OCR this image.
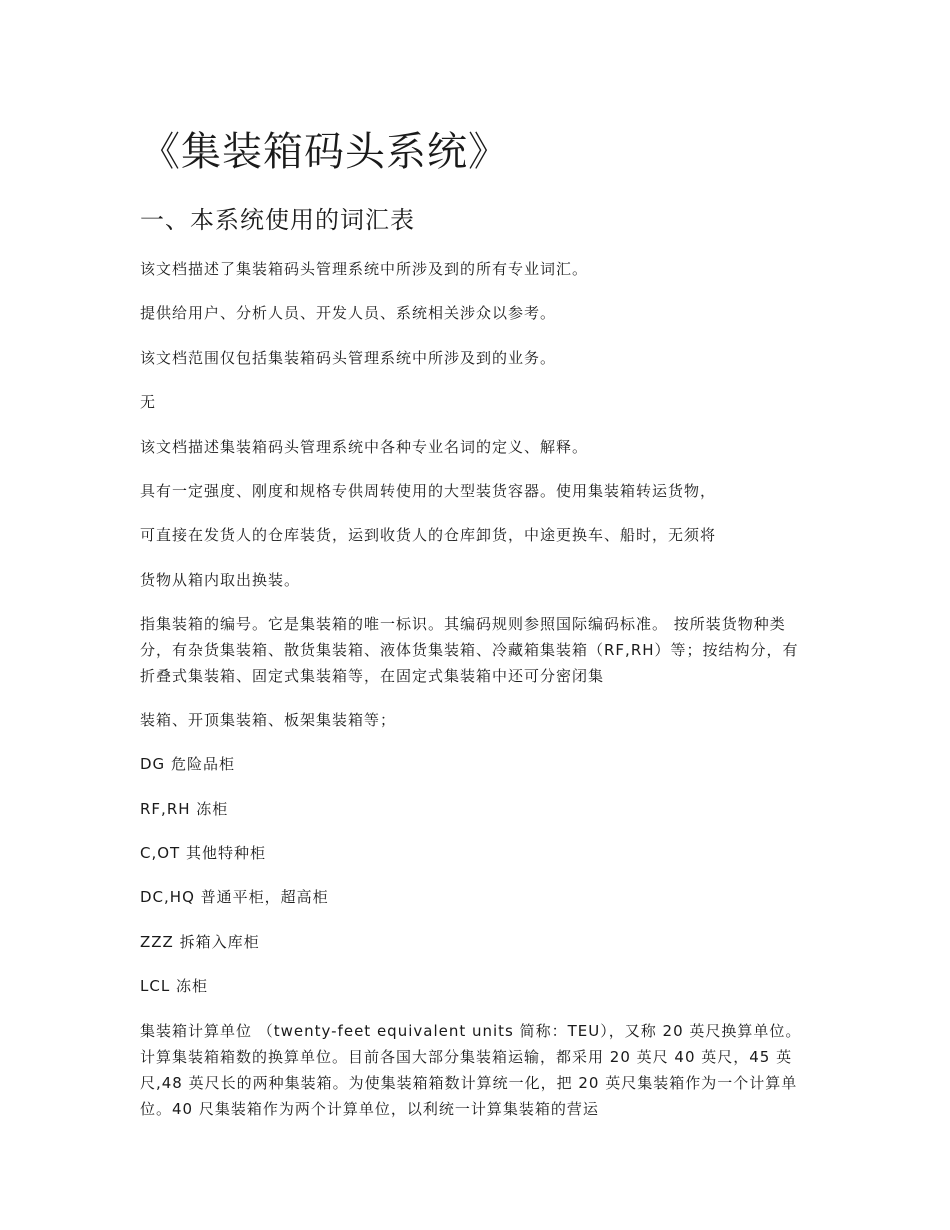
《集装箱码头系统》
一、本系统使用的词汇表

该文档描述了集装箱码头管理系统中所涉及到的所有专业词汇。

提供给用户、分析人员、开发人员、系统相关涉众以参考。

该文档范围仅包括集装箱码头管理系统中所涉及到的业务。

无

该文档描述集装箱码头管理系统中各种专业名词的定义、解释。

具有一定强度、刚度和规格专供周转使用的大型装货容器。使用集装箱转运货物，

可直接在发货人的仓库装货，运到收货人的仓库卸货，中途更换车、船时，无须将

货物从箱内取出换装。

指集装箱的编号。它是集装箱的唯一标识。其编码规则参照国际编码标准。 按所装货物种类分，有杂货集装箱、散货集装箱、液体货集装箱、冷藏箱集装箱（RF,RH）等；按结构分，有折叠式集装箱、固定式集装箱等，在固定式集装箱中还可分密闭集

装箱、开顶集装箱、板架集装箱等；

DG 危险品柜

RF,RH 冻柜

C,OT 其他特种柜

DC,HQ 普通平柜，超高柜

ZZZ 拆箱入库柜

LCL 冻柜

集装箱计算单位 （twenty-feet equivalent units 简称：TEU），又称 20 英尺换算单位。计算集装箱箱数的换算单位。目前各国大部分集装箱运输，都采用 20 英尺 40 英尺，45 英尺,48 英尺长的两种集装箱。为使集装箱箱数计算统一化，把 20 英尺集装箱作为一个计算单位。40 尺集装箱作为两个计算单位，以利统一计算集装箱的营运
